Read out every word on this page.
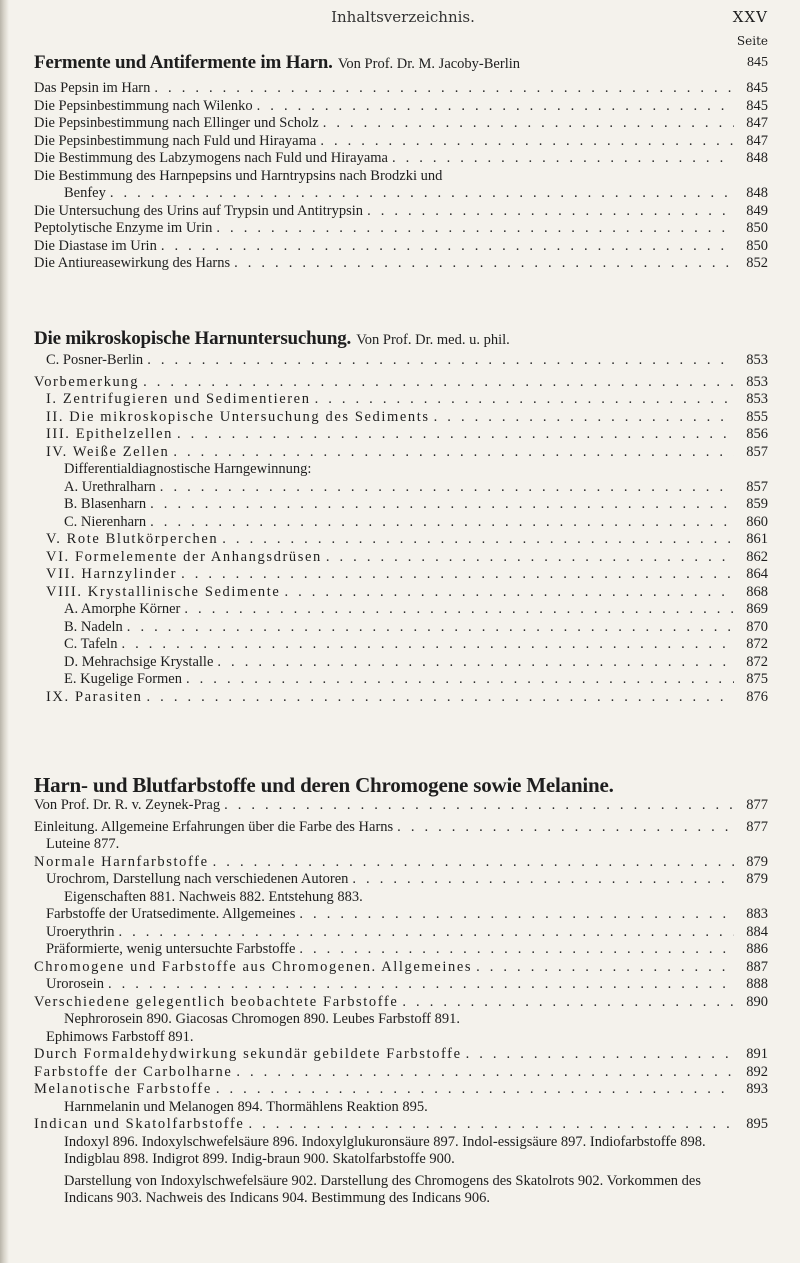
Inhaltsverzeichnis.	XXV
Seite
Fermente und Antifermente im Harn. Von Prof. Dr. M. Jacoby-Berlin	845
Das Pepsin im Harn . . .	845
Die Pepsinbestimmung nach Wilenko . . .	845
Die Pepsinbestimmung nach Ellinger und Scholz . . .	847
Die Pepsinbestimmung nach Fuld und Hirayama . . .	847
Die Bestimmung des Labzymogens nach Fuld und Hirayama . . .	848
Die Bestimmung des Harnpepsins und Harntrypsins nach Brodzki und
Benfey . . .	848
Die Untersuchung des Urins auf Trypsin und Antitrypsin . . .	849
Peptolytische Enzyme im Urin . . .	850
Die Diastase im Urin . . .	850
Die Antiureasewirkung des Harns . . .	852
Die mikroskopische Harnuntersuchung. Von Prof. Dr. med. u. phil.
C. Posner-Berlin . . .	853
Vorbemerkung . . .	853
I. Zentrifugieren und Sedimentieren . . .	853
II. Die mikroskopische Untersuchung des Sediments . . .	855
III. Epithelzellen . . .	856
IV. Weiße Zellen . . .	857
Differentialdiagnostische Harngewinnung:
A. Urethralharn . . .	857
B. Blasenharn . . .	859
C. Nierenharn . . .	860
V. Rote Blutkörperchen . . .	861
VI. Formelemente der Anhangsdrüsen . . .	862
VII. Harnzylinder . . .	864
VIII. Krystallinische Sedimente . . .	868
A. Amorphe Körner . . .	869
B. Nadeln . . .	870
C. Tafeln . . .	872
D. Mehrachsige Krystalle . . .	872
E. Kugelige Formen . . .	875
IX. Parasiten . . .	876
Harn- und Blutfarbstoffe und deren Chromogene sowie Melanine.
Von Prof. Dr. R. v. Zeynek-Prag . . .	877
Einleitung. Allgemeine Erfahrungen über die Farbe des Harns . . .	877
Luteine 877.
Normale Harnfarbstoffe . . .	879
Urochrom, Darstellung nach verschiedenen Autoren . . .	879
Eigenschaften 881. Nachweis 882. Entstehung 883.
Farbstoffe der Uratsedimente. Allgemeines . . .	883
Uroerythrin . . .	884
Präformierte, wenig untersuchte Farbstoffe . . .	886
Chromogene und Farbstoffe aus Chromogenen. Allgemeines . . .	887
Urorosein . . .	888
Verschiedene gelegentlich beobachtete Farbstoffe . . .	890
Nephrorosein 890. Giacosas Chromogen 890. Leubes Farbstoff 891.
Ephimows Farbstoff 891.
Durch Formaldehydwirkung sekundär gebildete Farbstoffe . . .	891
Farbstoffe der Carbolharne . . .	892
Melanotische Farbstoffe . . .	893
Harnmelanin und Melanogen 894. Thormählens Reaktion 895.
Indican und Skatolfarbstoffe . . .	895
Indoxyl 896. Indoxylschwefelsäure 896. Indoxylglukuronsäure 897. Indol-essigsäure 897. Indiofarbstoffe 898. Indigblau 898. Indigrot 899. Indig-braun 900. Skatolfarbstoffe 900.
Darstellung von Indoxylschwefelsäure 902. Darstellung des Chromogens des Skatolrots 902. Vorkommen des Indicans 903. Nachweis des Indicans 904. Bestimmung des Indicans 906.
